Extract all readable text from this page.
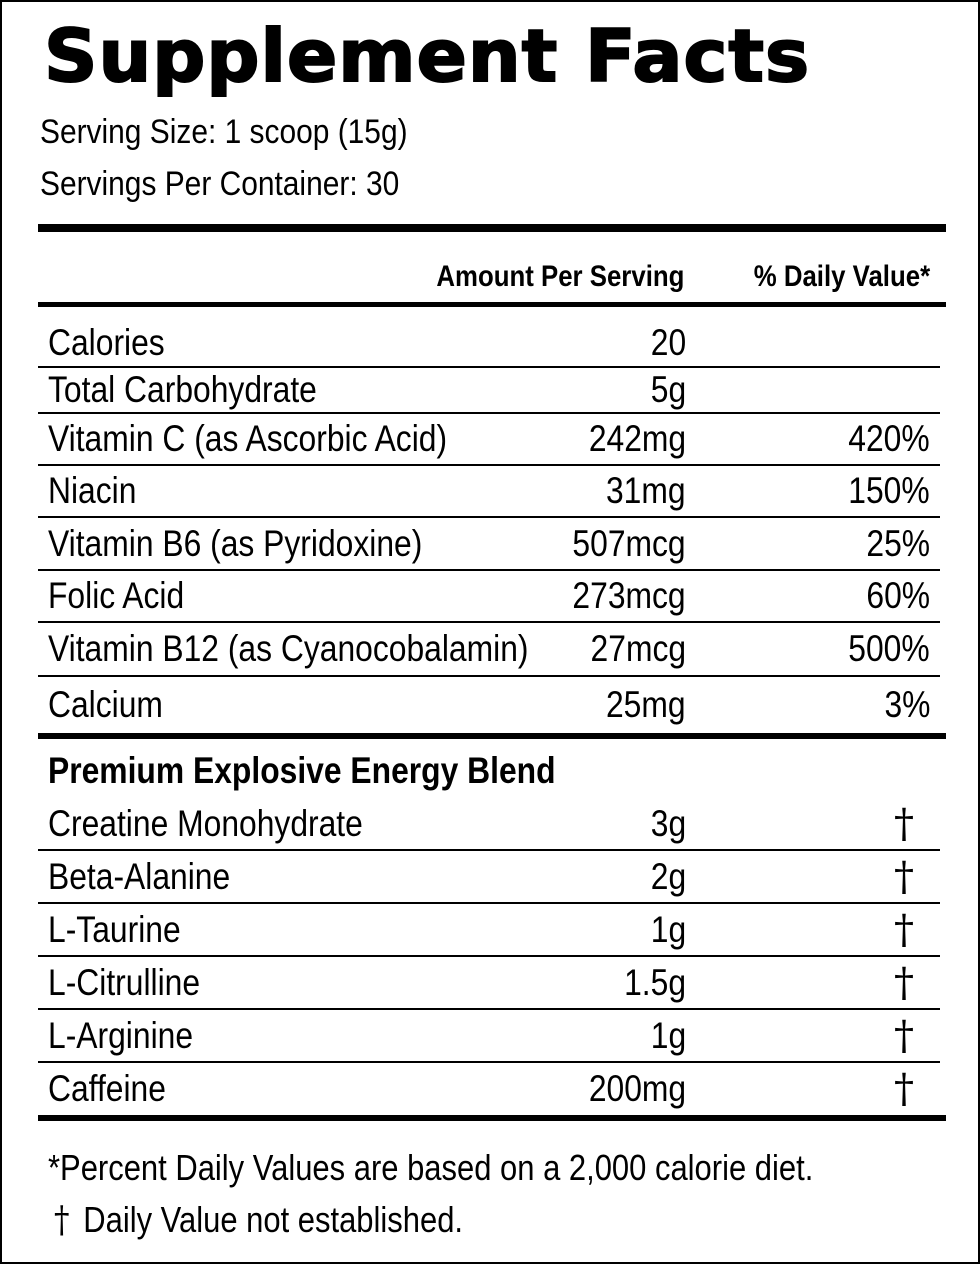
Supplement Facts
Serving Size: 1 scoop (15g)
Servings Per Container: 30
Amount Per Serving % Daily Value*
Calories	20
Total Carbohydrate	5g
Vitamin C (as Ascorbic Acid)	242mg	420%
Niacin	31mg	150%
Vitamin B6 (as Pyridoxine)	507mcg	25%
Folic Acid	273mcg	60%
Vitamin B12 (as Cyanocobalamin) 27mcg	500%
Calcium	25mg	3%
Premium Explosive Energy Blend
Creatine Monohydrate	3g	†
Beta-Alanine	2g	†
L-Taurine	1g	†
L-Citrulline	1.5g	†
L-Arginine	1g	†
Caffeine	200mg	†
*Percent Daily Values are based on a 2,000 calorie diet.
† Daily Value not established.
